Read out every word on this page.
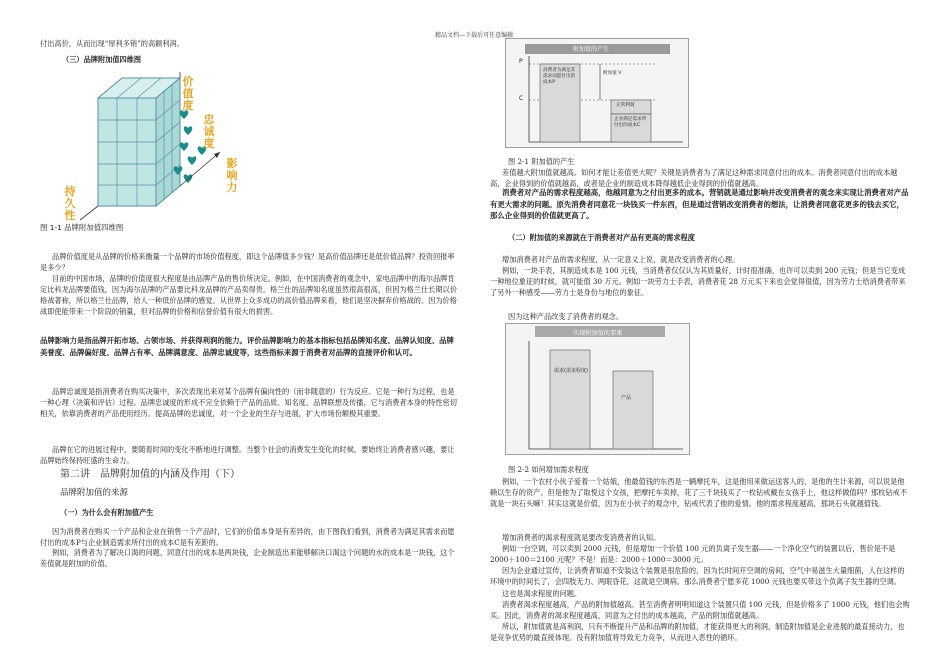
精品文档---下载后可任意编辑
付出高价，从而出现“厚利多销”的高额利润。
（三）品牌附加值四维图
价值度
忠诚度
影响力
持久性
图 1-1 品牌附加值四维图

品牌价值度是从品牌的价格来衡量一个品牌的市场价值程度，即这个品牌值多少钱？是高价值品牌还是低价值品牌？投资回报率是多少？

目前的中国市场，品牌的价值度很大程度是由品牌产品的售价所决定。例如，在中国消费者的观念中，家电品牌中的海尔品牌肯定比科龙品牌要值钱，因为海尔品牌的产品要比科龙品牌的产品卖得贵。格兰仕的品牌知名度虽然很高很高，但因为格兰仕长期以价格战著称，所以格兰仕品牌，给人一种低价品牌的感觉。从世界上众多成功的高价值品牌来看，他们是坚决摒弃价格战的。因为价格战即使能带来一个阶段的销量，但对品牌的价格和信誉价值有很大的损害。

品牌影响力是指品牌开拓市场、占领市场、并获得利润的能力。评价品牌影响力的基本指标包括品牌知名度、品牌认知度、品牌美誉度、品牌偏好度、品牌占有率、品牌满意度、品牌忠诚度等，这些指标来源于消费者对品牌的直接评价和认可。

品牌忠诚度是指消费者在购买决策中，多次表现出来对某个品牌有偏向性的（而非随意的）行为反应。它是一种行为过程，也是一种心理（决策和评估）过程。品牌忠诚度的形成不完全依赖于产品的品质、知名度、品牌联想及传播，它与消费者本身的特性密切相关，依靠消费者的产品使用经历。提高品牌的忠诚度，对一个企业的生存与进展，扩大市场份额极其重要。

品牌在它的进展过程中，要随着时间的变化不断地进行调整。当整个社会的消费发生变化的时候，要始终让消费者感兴趣，要让品牌始终保持旺盛的生命力。

第二讲　品牌附加值的内涵及作用（下）
品牌附加值的来源
（一）为什么会有附加值产生

因为消费者在购买一个产品和企业在销售一个产品时，它们的价值本身是有差异的，由下图我们看到，消费者为满足其需求而愿付出的成本P与企业制造需求所付出的成本C是有差距的。

例如，消费者为了解决口渴的问题，同意付出的成本是两块钱，企业制造出来能够解决口渴这个问题的水的成本是一块钱，这个差值就是附加的价值。

附加值的产生
P
C
消费者为满足其需求而愿付出的成本P
附加值 V
正常利润
企业满足需求所付出的成本C
图 2-1 附加值的产生

差值越大附加值就越高。如何才能让差值更大呢？关键是消费者为了满足这种需求同意付出的成本。消费者同意付出的成本越高，企业得到的价值就越高，或者是企业的制造成本降得越低企业得到的价值就越高。

消费者对产品的需求程度越高，他越同意为之付出更多的成本。营销就是通过影响并改变消费者的观念来实现让消费者对产品有更大需求的问题。原先消费者同意花一块钱买一件东西，但是通过营销改变消费者的想法，让消费者同意花更多的钱去买它，那么企业得到的价值就更高了。

（二）附加值的来源就在于消费者对产品有更高的需求程度

增加消费者对产品的需求程度，从一定意义上说，就是改变消费者的心理。

例如，一块手表，其制造成本是 100 元钱，当消费者仅仅认为其质量好，计时很准确，也许可以卖到 200 元钱；但是当它变成一种地位象征的时候，就可能值 30 万元。例如一块劳力士手表，消费者花 28 万元买下来也会觉得很值，因为劳力士给消费者带来了另外一种感受——劳力士是身份与地位的象征。

因为这种产品改变了消费者的观念。
实现附加值的要素
需求(需求程度)
产品
图 2-2 如何增加需求程度

例如，一个农村小伙子爱着一个姑娘，他最值钱的东西是一辆摩托车，这是他用来做运送客人的，是他的生计来源，可以说是他赖以生存的资产。但是他为了取悦这个女孩，把摩托车卖掉，花了三千块钱买了一枚钻戒戴在女孩手上，他这样做值吗？那枚钻戒不就是一块石头嘛！其实这就是价值，因为在小伙子的观念中，钻戒代表了他的爱情。他的需求程度越高，那块石头就越值钱。

增加消费者的渴求程度就是要改变消费者的认知。

例如一台空调，可以卖到 2000 元钱，但是增加一个价值 100 元的负离子发生器——一个净化空气的装置以后，售价是不是 2000＋100＝2100 元呢？不是！而是：2000＋1000＝3000 元。

因为企业通过宣传，让消费者知道不安装这个装置是很危险的，因为长时间开空调的房间，空气中易滋生大量细菌，人在这样的环境中的时间长了，会四肢无力、两眼昏花，这就是空调病。那么消费者宁愿多花 1000 元钱也要买带这个负离子发生器的空调。

这也是渴求程度的问题。

消费者渴求程度越高，产品的附加值越高。甚至消费者明明知道这个装置只值 100 元钱，但是价格多了 1000 元钱，他们也会购买。因此，消费者的渴求程度越高，同意为之付出的成本越高，产品的附加值就越高。

所以，附加值就是高利润，只有不断提升产品和品牌的附加值，才能获得更大的利润，制造附加值是企业进展的最直接动力，也是竞争优势的最直接体现。没有附加值将导致无力竞争，从而进入恶性的循环。
